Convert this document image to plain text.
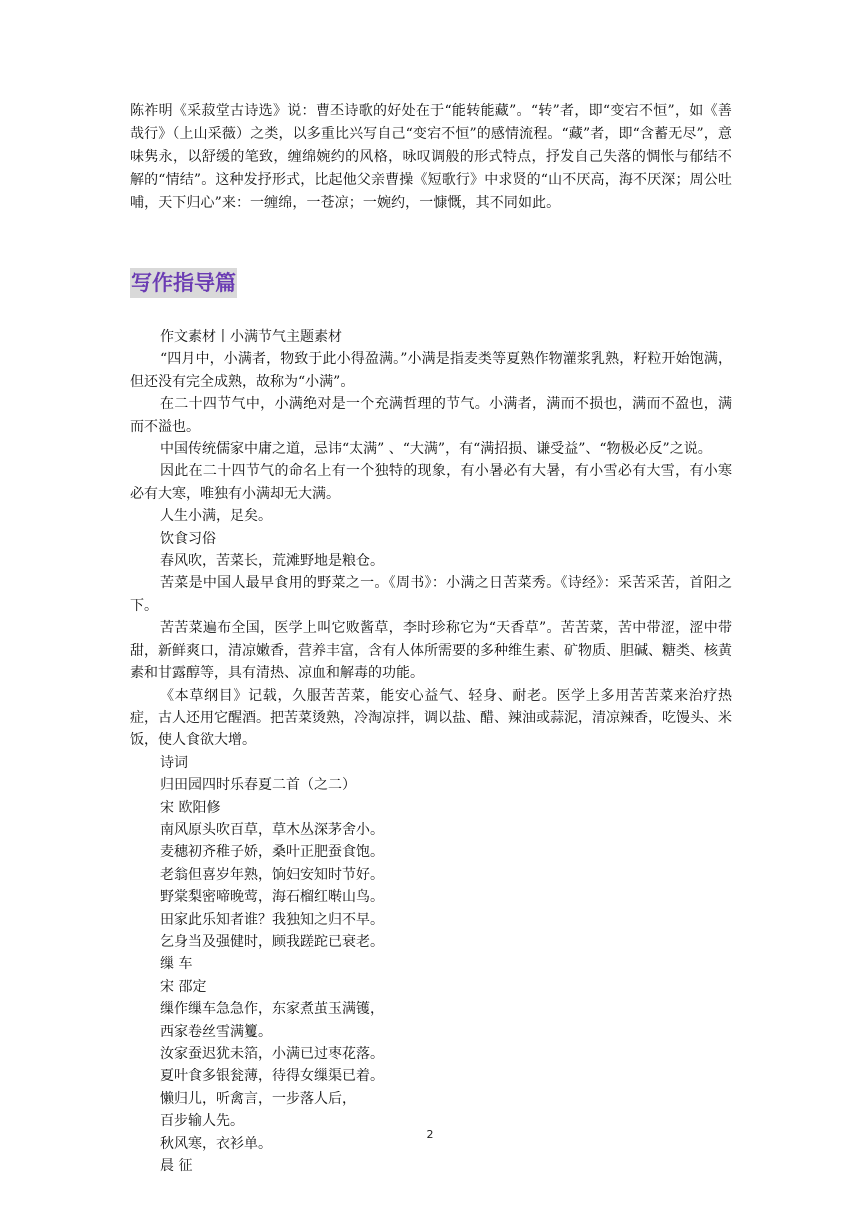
陈祚明《采菽堂古诗选》说：曹丕诗歌的好处在于“能转能藏”。“转”者，即“变宕不恒”，如《善哉行》（上山采薇）之类，以多重比兴写自己“变宕不恒”的感情流程。“藏”者，即“含蓄无尽”，意味隽永，以舒缓的笔致，缠绵婉约的风格，咏叹调般的形式特点，抒发自己失落的惆怅与郁结不解的“情结”。这种发抒形式，比起他父亲曹操《短歌行》中求贤的“山不厌高，海不厌深；周公吐哺，天下归心”来：一缠绵，一苍凉；一婉约，一慷慨，其不同如此。

写作指导篇

作文素材丨小满节气主题素材

“四月中，小满者，物致于此小得盈满。”小满是指麦类等夏熟作物灌浆乳熟，籽粒开始饱满，但还没有完全成熟，故称为“小满”。

在二十四节气中，小满绝对是一个充满哲理的节气。小满者，满而不损也，满而不盈也，满而不溢也。

中国传统儒家中庸之道，忌讳“太满” 、“大满”，有“满招损、谦受益”、“物极必反”之说。

因此在二十四节气的命名上有一个独特的现象，有小暑必有大暑，有小雪必有大雪，有小寒必有大寒，唯独有小满却无大满。

人生小满，足矣。

饮食习俗

春风吹，苦菜长，荒滩野地是粮仓。

苦菜是中国人最早食用的野菜之一。《周书》：小满之日苦菜秀。《诗经》：采苦采苦，首阳之下。

苦苦菜遍布全国，医学上叫它败酱草，李时珍称它为“天香草”。苦苦菜，苦中带涩，涩中带甜，新鲜爽口，清凉嫩香，营养丰富，含有人体所需要的多种维生素、矿物质、胆碱、糖类、核黄素和甘露醇等，具有清热、凉血和解毒的功能。

《本草纲目》记载，久服苦苦菜，能安心益气、轻身、耐老。医学上多用苦苦菜来治疗热症，古人还用它醒酒。把苦菜烫熟，冷淘凉拌，调以盐、醋、辣油或蒜泥，清凉辣香，吃馒头、米饭，使人食欲大增。

诗词

归田园四时乐春夏二首（之二）

宋 欧阳修

南风原头吹百草，草木丛深茅舍小。

麦穗初齐稚子娇，桑叶正肥蚕食饱。

老翁但喜岁年熟，饷妇安知时节好。

野棠梨密啼晚莺，海石榴红啭山鸟。

田家此乐知者谁？我独知之归不早。

乞身当及强健时，顾我蹉跎已衰老。

缫 车

宋 邵定

缫作缫车急急作，东家煮茧玉满镬，

西家卷丝雪满籰。

汝家蚕迟犹未箔，小满已过枣花落。

夏叶食多银瓮薄，待得女缫渠已着。

懒归儿，听禽言，一步落人后，

百步输人先。

秋风寒，衣衫单。

晨 征

2
